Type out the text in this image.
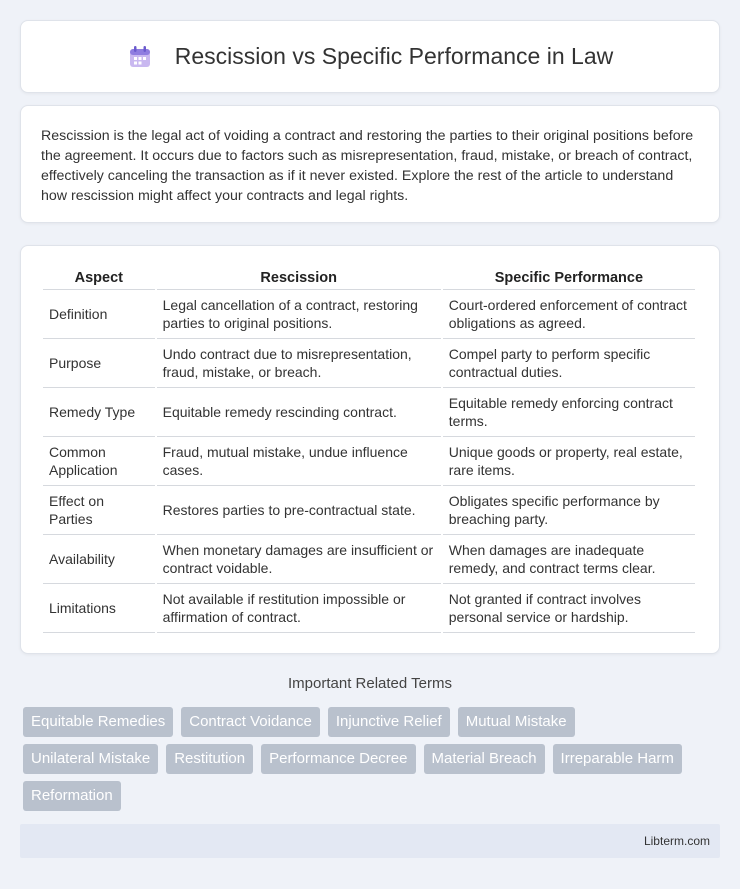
Rescission vs Specific Performance in Law

Rescission is the legal act of voiding a contract and restoring the parties to their original positions before the agreement. It occurs due to factors such as misrepresentation, fraud, mistake, or breach of contract, effectively canceling the transaction as if it never existed. Explore the rest of the article to understand how rescission might affect your contracts and legal rights.

Aspect	Rescission	Specific Performance
Definition	Legal cancellation of a contract, restoring parties to original positions.	Court-ordered enforcement of contract obligations as agreed.
Purpose	Undo contract due to misrepresentation, fraud, mistake, or breach.	Compel party to perform specific contractual duties.
Remedy Type	Equitable remedy rescinding contract.	Equitable remedy enforcing contract terms.
Common Application	Fraud, mutual mistake, undue influence cases.	Unique goods or property, real estate, rare items.
Effect on Parties	Restores parties to pre-contractual state.	Obligates specific performance by breaching party.
Availability	When monetary damages are insufficient or contract voidable.	When damages are inadequate remedy, and contract terms clear.
Limitations	Not available if restitution impossible or affirmation of contract.	Not granted if contract involves personal service or hardship.
Important Related Terms
Equitable Remedies	Contract Voidance	Injunctive Relief	Mutual Mistake
Unilateral Mistake	Restitution	Performance Decree	Material Breach	Irreparable Harm
Reformation
Libterm.com
